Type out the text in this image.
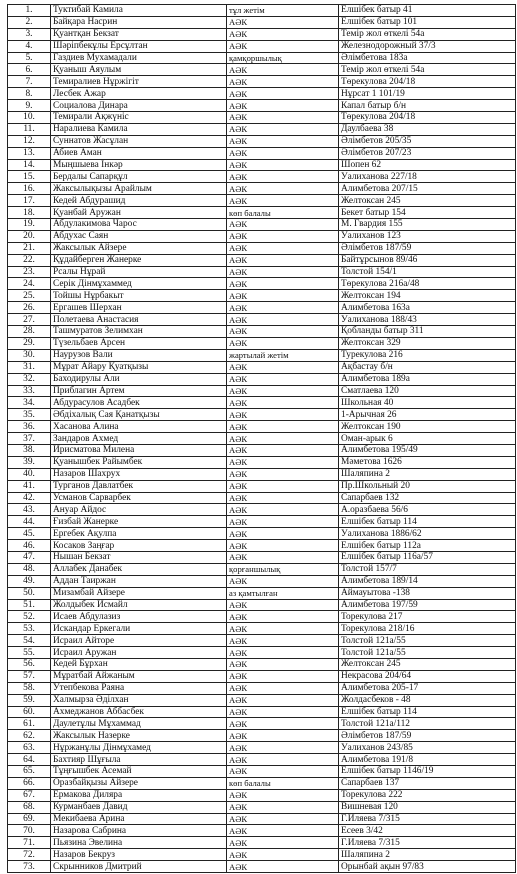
1.	Туктибай Камила	тұл жетім	Елшібек батыр 41
2.	Байқара Насрин	АӘК	Елшібек батыр 101
3.	Қуантқан Бекзат	АӘК	Темір жол өткелі 54а
4.	Шәріпбекұлы Ерсұлтан	АӘК	Железнодорожный 37/3
5.	Газдиев Мухамадали	қамқоршылық	Әлімбетова 183а
6.	Қуаныш Аяулым	АӘК	Темір жол өткелі 54а
7.	Темиралиев Нұржігіт	АӘК	Төрекулова 204/18
8.	Лесбек Ажар	АӘК	Нұрсат 1 101/19
9.	Социалова Динара	АӘК	Капал батыр б/н
10.	Темирали Ақжүніс	АӘК	Төрекулова 204/18
11.	Наралиева Камила	АӘК	Даулбаева 38
12.	Суннатов Жасұлан	АӘК	Әлімбетов 205/35
13.	Абиев Аман	АӘК	Әлімбетов 207/23
14.	Мыңшыева Інкәр	АӘК	Шопен 62
15.	Бердалы Сапарқұл	АӘК	Уалиханова 227/18
16.	Жаксылықызы Арайлым	АӘК	Алимбетова 207/15
17.	Кедей Абдурашид	АӘК	Желтоксан 245
18.	Қуанбай Аружан	көп балалы	Бекет батыр 154
19.	Абдулакимова Чарос	АӘК	М. Гвардия 155
20.	Абдухас Саян	АӘК	Уалиханов 123
21.	Жаксылык Айзере	АӘК	Әлімбетов 187/59
22.	Құдайберген Жанерке	АӘК	Байтұрсынов 89/46
23.	Рсалы Нұрай	АӘК	Толстой 154/1
24.	Серік Дінмұхаммед	АӘК	Төрекулова 216а/48
25.	Тойшы Нұрбакыт	АӘК	Желтоксан 194
26.	Ергашев Шерхан	АӘК	Алимбетова 163а
27.	Полетаева Анастасия	АӘК	Уалиханова 188/43
28.	Ташмуратов Зелимхан	АӘК	Қобланды батыр 311
29.	Түзельбаев Арсен	АӘК	Желтоксан 329
30.	Наурузов Вали	жартылай жетім	Турекулова 216
31.	Мұрат Айару Қуатқызы	АӘК	Ақбастау б/н
32.	Баходирулы Али	АӘК	Алимбетова 189а
33.	Приблагин Артем	АӘК	Сматлаева 120
34.	Абдурасулов Асадбек	АӘК	Школьная 40
35.	Әбдіхалық Сая Қанатқызы	АӘК	1-Арычная 26
36.	Хасанова Алина	АӘК	Желтоксан 190
37.	Зандаров Ахмед	АӘК	Оман-арык 6
38.	Ирисматова Милена	АӘК	Алимбетова 195/49
39.	Қуанышбек Райымбек	АӘК	Мәметова 1626
40.	Назаров Шахрух	АӘК	Шаляпина 2
41.	Турганов Давлатбек	АӘК	Пр.Школьный 20
42.	Усманов Сарварбек	АӘК	Сапарбаев 132
43.	Ануар Айдос	АӘК	А.оразбаева 56/6
44.	Ғизбай Жанерке	АӘК	Елшібек батыр 114
45.	Ергебек Ақулпа	АӘК	Уалиханова 1886/62
46.	Косаков Заңғар	АӘК	Елшібек батыр 112а
47.	Нышан Бекзат	АӘК	Елшібек батыр 116а/57
48.	Аллабек Данабек	қорғаншылық	Толстой 157/7
49.	Аддан Таиржан	АӘК	Алимбетова 189/14
50.	Мизамбай Айзере	аз қамтылған	Аймауытова -138
51.	Жолдыбек Исмайл	АӘК	Алимбетова 197/59
52.	Исаев Абдулазиз	АӘК	Торекулова 217
53.	Искандар Еркегали	АӘК	Торекулова 218/16
54.	Исраил Айторе	АӘК	Толстой 121а/55
55.	Исраил Аружан	АӘК	Толстой 121а/55
56.	Кедей Бұрхан	АӘК	Желтоксан 245
57.	Мұратбай Айжаным	АӘК	Некрасова 204/64
58.	Утепбекова Раяна	АӘК	Алимбетова 205-17
59.	Халмырза Әділхан	АӘК	Жолдасбеков - 48
60.	Ахмеджанов Аббасбек	АӘК	Елшібек батыр 114
61.	Даулетұлы Мұхаммад	АӘК	Толстой 121а/112
62.	Жаксылык Назерке	АӘК	Әлімбетов 187/59
63.	Нұржанұлы Дінмұхамед	АӘК	Уалиханов 243/85
64.	Бахтияр Шұғыла	АӘК	Алимбетова 191/8
65.	Тұңғышбек Асемай	АӘК	Елшібек батыр 1146/19
66.	Оразбайқызы Айзере	көп балалы	Сапарбаев 137
67.	Ермакова Диляра	АӘК	Торекулова 222
68.	Курманбаев Давид	АӘК	Вишневая 120
69.	Мекибаева Арина	АӘК	Г.Иляева 7/315
70.	Назарова Сабрина	АӘК	Есеев 3/42
71.	Пьязина Эвелина	АӘК	Г.Иляева 7/315
72.	Назаров Бекруз	АӘК	Шаляпина 2
73.	Скрынников Дмитрий	АӘК	Орынбай ақын 97/83
